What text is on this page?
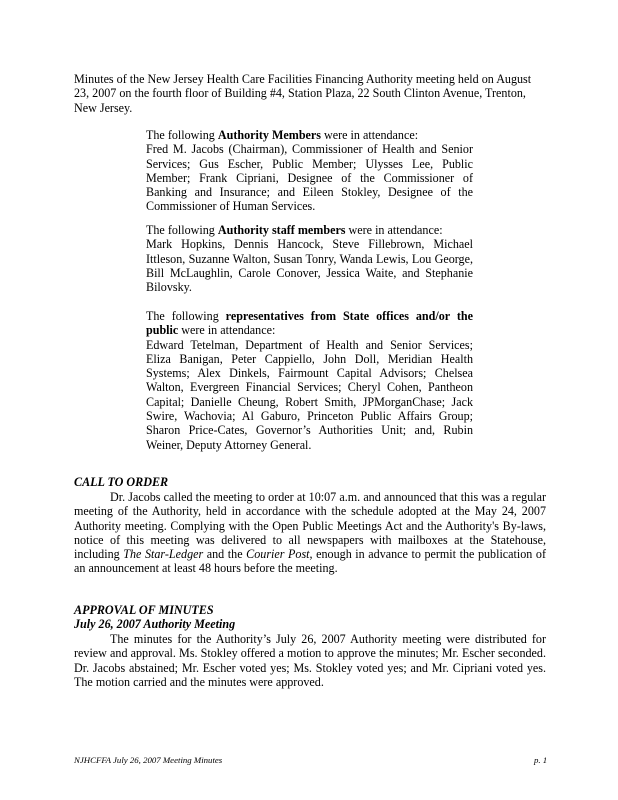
Minutes of the New Jersey Health Care Facilities Financing Authority meeting held on August 23, 2007 on the fourth floor of Building #4, Station Plaza, 22 South Clinton Avenue, Trenton, New Jersey.

The following Authority Members were in attendance:
Fred M. Jacobs (Chairman), Commissioner of Health and Senior Services; Gus Escher, Public Member; Ulysses Lee, Public Member; Frank Cipriani, Designee of the Commissioner of Banking and Insurance; and Eileen Stokley, Designee of the Commissioner of Human Services.
The following Authority staff members were in attendance:
Mark Hopkins, Dennis Hancock, Steve Fillebrown, Michael Ittleson, Suzanne Walton, Susan Tonry, Wanda Lewis, Lou George, Bill McLaughlin, Carole Conover, Jessica Waite, and Stephanie Bilovsky.
The following representatives from State offices and/or the public were in attendance:
Edward Tetelman, Department of Health and Senior Services; Eliza Banigan, Peter Cappiello, John Doll, Meridian Health Systems; Alex Dinkels, Fairmount Capital Advisors; Chelsea Walton, Evergreen Financial Services; Cheryl Cohen, Pantheon Capital; Danielle Cheung, Robert Smith, JPMorganChase; Jack Swire, Wachovia; Al Gaburo, Princeton Public Affairs Group; Sharon Price-Cates, Governor’s Authorities Unit; and, Rubin Weiner, Deputy Attorney General.

CALL TO ORDER

Dr. Jacobs called the meeting to order at 10:07 a.m. and announced that this was a regular meeting of the Authority, held in accordance with the schedule adopted at the May 24, 2007 Authority meeting. Complying with the Open Public Meetings Act and the Authority's By-laws, notice of this meeting was delivered to all newspapers with mailboxes at the Statehouse, including The Star-Ledger and the Courier Post, enough in advance to permit the publication of an announcement at least 48 hours before the meeting.

APPROVAL OF MINUTES

July 26, 2007 Authority Meeting

The minutes for the Authority’s July 26, 2007 Authority meeting were distributed for review and approval. Ms. Stokley offered a motion to approve the minutes; Mr. Escher seconded. Dr. Jacobs abstained; Mr. Escher voted yes; Ms. Stokley voted yes; and Mr. Cipriani voted yes. The motion carried and the minutes were approved.

NJHCFFA July 26, 2007 Meeting Minutes	p. 1
